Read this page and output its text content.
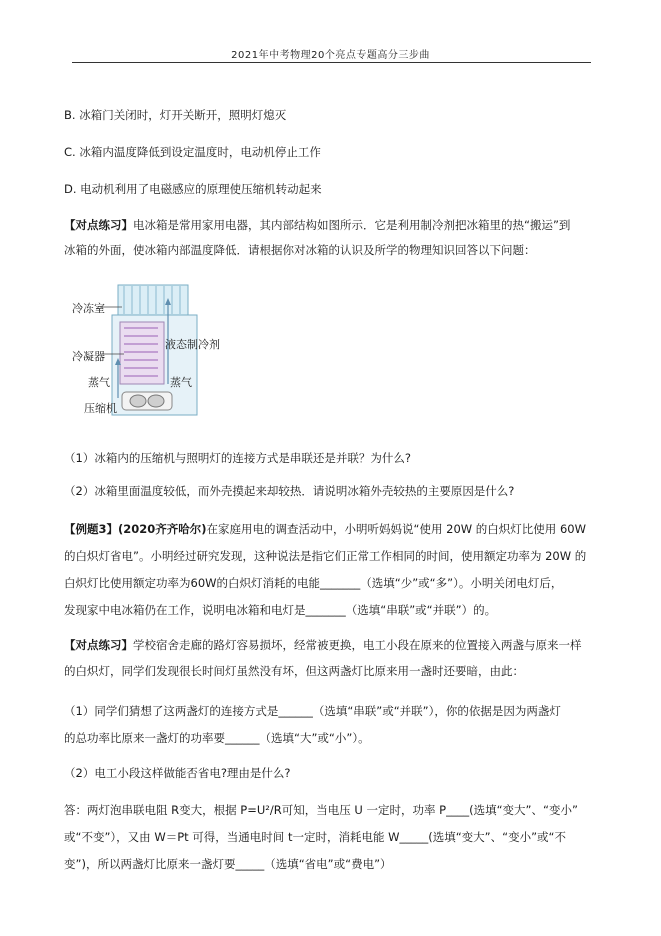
2021年中考物理20个亮点专题高分三步曲
B. 冰箱门关闭时，灯开关断开，照明灯熄灭
C. 冰箱内温度降低到设定温度时，电动机停止工作
D. 电动机利用了电磁感应的原理使压缩机转动起来
【对点练习】电冰箱是常用家用电器，其内部结构如图所示．它是利用制冷剂把冰箱里的热“搬运”到
冰箱的外面，使冰箱内部温度降低．请根据你对冰箱的认识及所学的物理知识回答以下问题：
冷冻室
液态制冷剂
冷凝器
蒸气	蒸气
压缩机
（1）冰箱内的压缩机与照明灯的连接方式是串联还是并联？为什么?
（2）冰箱里面温度较低，而外壳摸起来却较热．请说明冰箱外壳较热的主要原因是什么?
【例题3】(2020齐齐哈尔)在家庭用电的调查活动中，小明听妈妈说“使用 20W 的白炽灯比使用 60W
的白炽灯省电”。小明经过研究发现，这种说法是指它们正常工作相同的时间，使用额定功率为 20W 的
白炽灯比使用额定功率为60W的白炽灯消耗的电能_______（选填“少”或“多”）。小明关闭电灯后，
发现家中电冰箱仍在工作，说明电冰箱和电灯是_______（选填“串联”或“并联”）的。
【对点练习】学校宿舍走廊的路灯容易损坏，经常被更换，电工小段在原来的位置接入两盏与原来一样
的白炽灯，同学们发现很长时间灯虽然没有坏，但这两盏灯比原来用一盏时还要暗，由此：
（1）同学们猜想了这两盏灯的连接方式是______（选填“串联”或“并联”），你的依据是因为两盏灯
的总功率比原来一盏灯的功率要______（选填“大”或“小”）。
（2）电工小段这样做能否省电?理由是什么?
答：两灯泡串联电阻 R变大，根据 P=U²/R可知，当电压 U 一定时，功率 P____(选填“变大”、“变小”
或“不变”），又由 W＝Pt 可得，当通电时间 t一定时，消耗电能 W_____(选填“变大”、“变小”或“不
变”)，所以两盏灯比原来一盏灯要_____（选填“省电”或“费电”）
